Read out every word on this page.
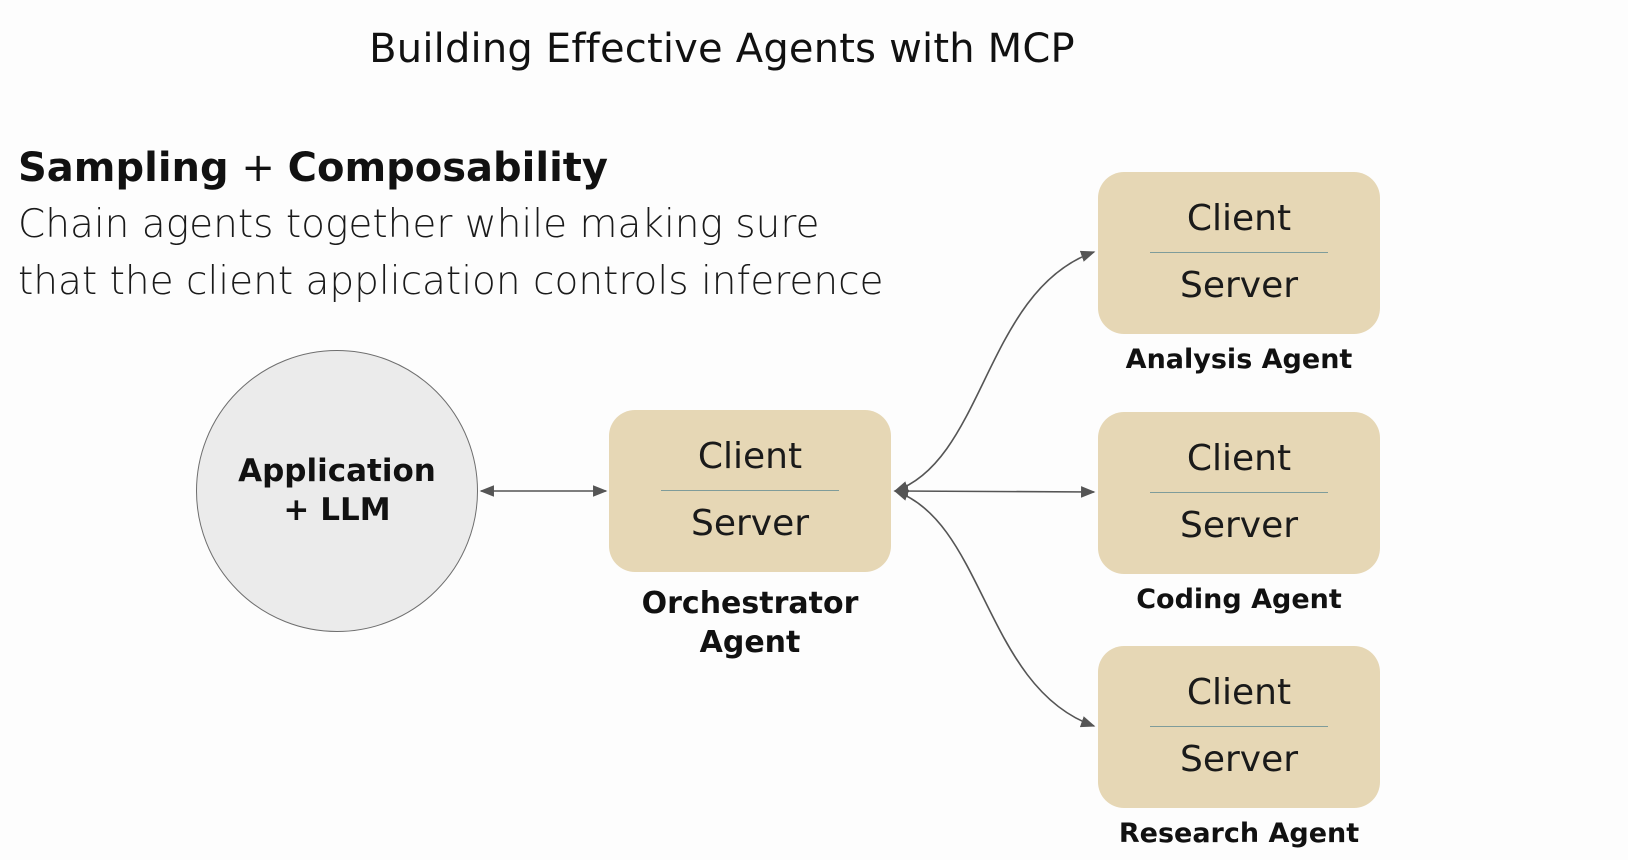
Building Effective Agents with MCP
Sampling + Composability
Chain agents together while making sure
that the client application controls inference
Application
+ LLM
Client
Server
Orchestrator Agent
Client
Server
Analysis Agent
Client
Server
Coding Agent
Client
Server
Research Agent
